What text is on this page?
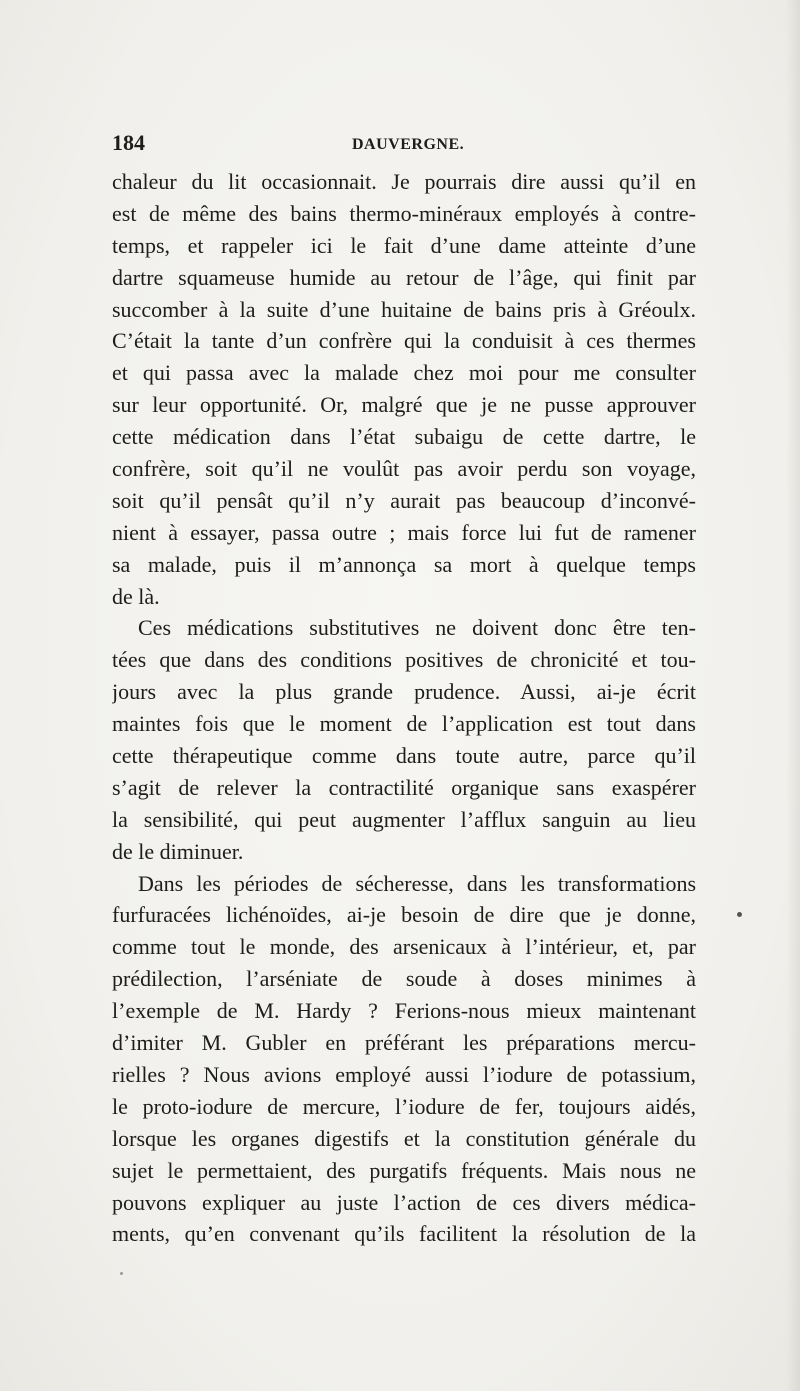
184	DAUVERGNE.
chaleur du lit occasionnait. Je pourrais dire aussi qu’il en
est de même des bains thermo-minéraux employés à contre-
temps, et rappeler ici le fait d’une dame atteinte d’une
dartre squameuse humide au retour de l’âge, qui finit par
succomber à la suite d’une huitaine de bains pris à Gréoulx.
C’était la tante d’un confrère qui la conduisit à ces thermes
et qui passa avec la malade chez moi pour me consulter
sur leur opportunité. Or, malgré que je ne pusse approuver
cette médication dans l’état subaigu de cette dartre, le
confrère, soit qu’il ne voulût pas avoir perdu son voyage,
soit qu’il pensât qu’il n’y aurait pas beaucoup d’inconvé-
nient à essayer, passa outre ; mais force lui fut de ramener
sa malade, puis il m’annonça sa mort à quelque temps
de là.
Ces médications substitutives ne doivent donc être ten-
tées que dans des conditions positives de chronicité et tou-
jours avec la plus grande prudence. Aussi, ai-je écrit
maintes fois que le moment de l’application est tout dans
cette thérapeutique comme dans toute autre, parce qu’il
s’agit de relever la contractilité organique sans exaspérer
la sensibilité, qui peut augmenter l’afflux sanguin au lieu
de le diminuer.
Dans les périodes de sécheresse, dans les transformations
furfuracées lichénoïdes, ai-je besoin de dire que je donne,
comme tout le monde, des arsenicaux à l’intérieur, et, par
prédilection, l’arséniate de soude à doses minimes à
l’exemple de M. Hardy ? Ferions-nous mieux maintenant
d’imiter M. Gubler en préférant les préparations mercu-
rielles ? Nous avions employé aussi l’iodure de potassium,
le proto-iodure de mercure, l’iodure de fer, toujours aidés,
lorsque les organes digestifs et la constitution générale du
sujet le permettaient, des purgatifs fréquents. Mais nous ne
pouvons expliquer au juste l’action de ces divers médica-
ments, qu’en convenant qu’ils facilitent la résolution de la
